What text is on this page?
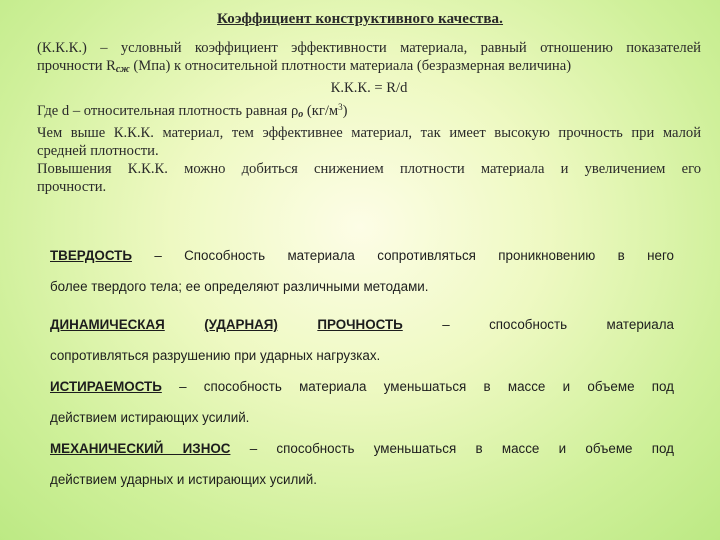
Коэффициент конструктивного качества.
(К.К.К.) – условный коэффициент эффективности материала, равный отношению показателей
прочности $R_{сж}$ (Мпа) к относительной плотности материала (безразмерная величина)
К.К.К. = R/d
Где d – относительная плотность равная $\rho_o$ $(кг/м^3)$
Чем выше К.К.К. материал, тем эффективнее материал, так имеет высокую прочность при малой
средней плотности.
Повышения К.К.К. можно добиться снижением плотности материала и увеличением его
прочности.
ТВЕРДОСТЬ – Способность материала сопротивляться проникновению в него
более твердого тела; ее определяют различными методами.
ДИНАМИЧЕСКАЯ	(УДАРНАЯ)	ПРОЧНОСТЬ	–	способность	материала
сопротивляться разрушению при ударных нагрузках.
ИСТИРАЕМОСТЬ – способность материала уменьшаться в массе и объеме под
действием истирающих усилий.
МЕХАНИЧЕСКИЙ ИЗНОС – способность уменьшаться в массе и объеме под
действием ударных и истирающих усилий.
